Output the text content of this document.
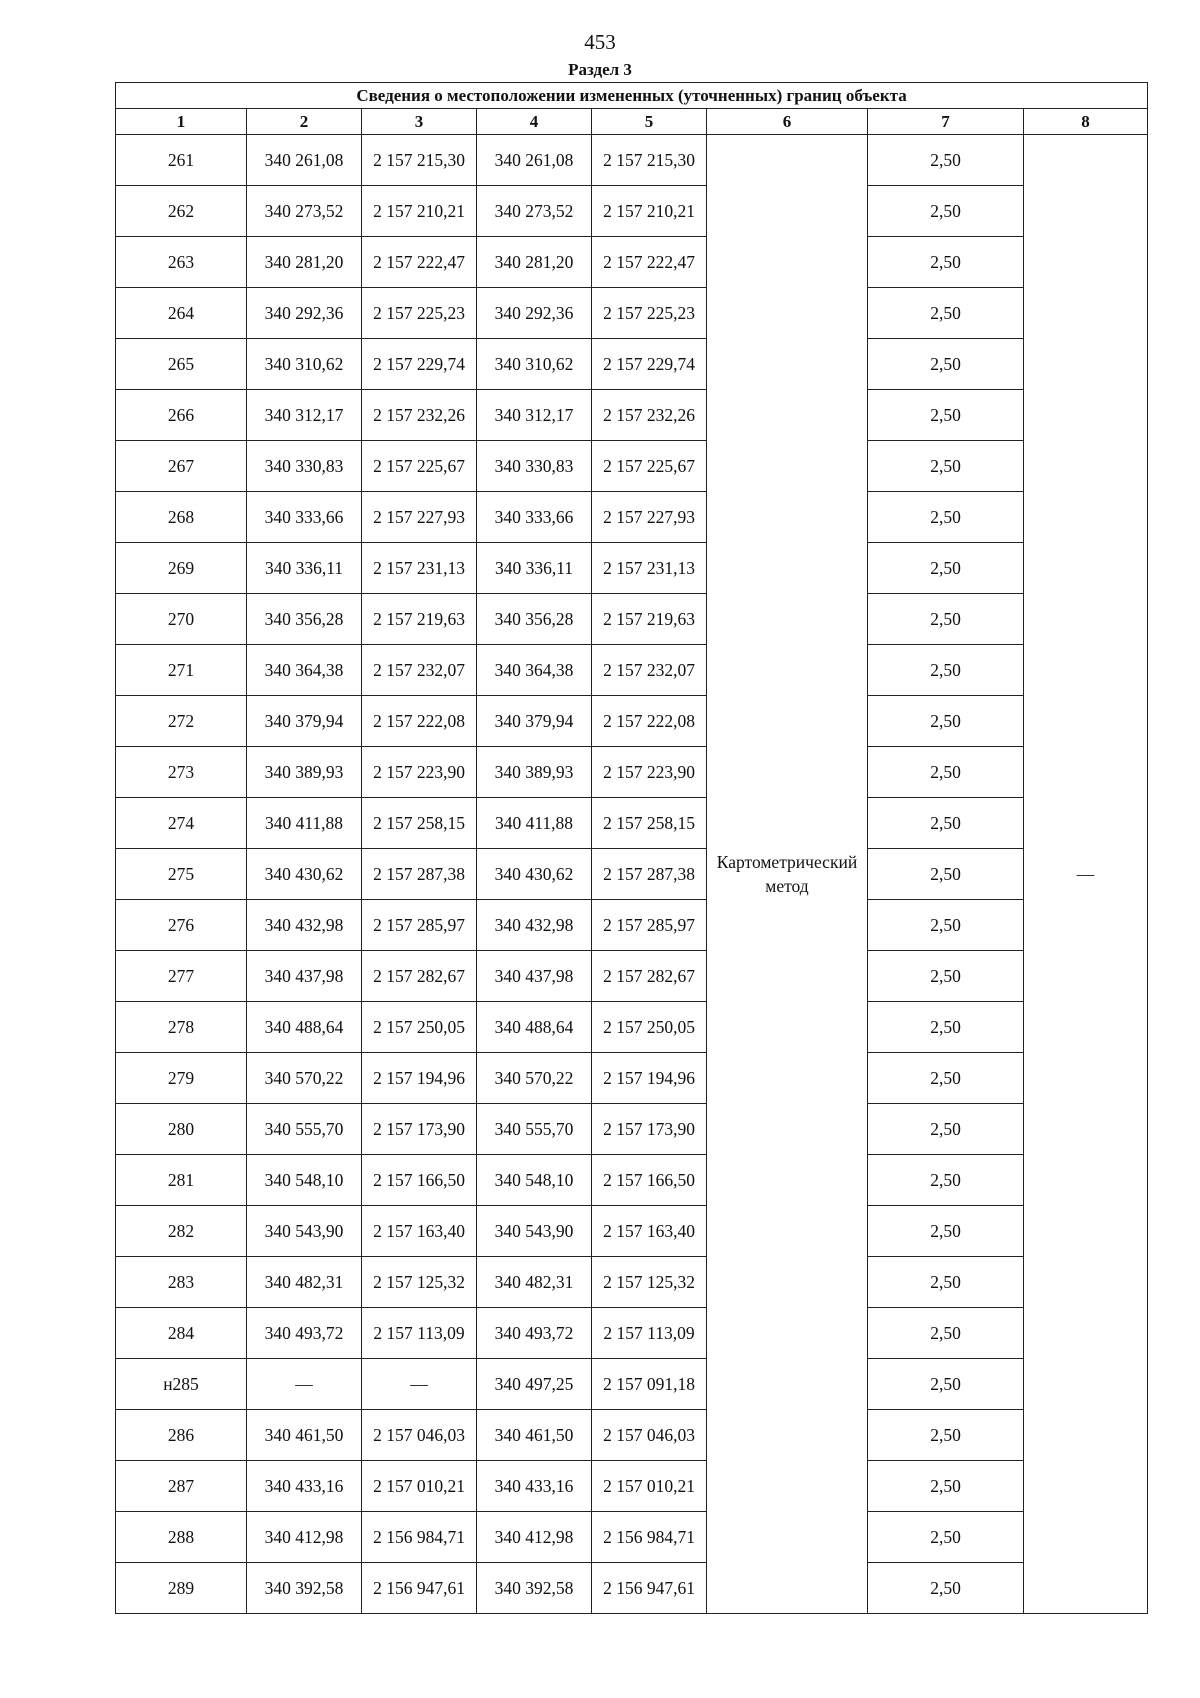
453
Раздел 3
Сведения о местоположении измененных (уточненных) границ объекта							
1	2	3	4	5	6	7	8
261	340 261,08	2 157 215,30	340 261,08	2 157 215,30	Картометрический метод	2,50	—
262	340 273,52	2 157 210,21	340 273,52	2 157 210,21		2,50	
263	340 281,20	2 157 222,47	340 281,20	2 157 222,47		2,50	
264	340 292,36	2 157 225,23	340 292,36	2 157 225,23		2,50	
265	340 310,62	2 157 229,74	340 310,62	2 157 229,74		2,50	
266	340 312,17	2 157 232,26	340 312,17	2 157 232,26		2,50	
267	340 330,83	2 157 225,67	340 330,83	2 157 225,67		2,50	
268	340 333,66	2 157 227,93	340 333,66	2 157 227,93		2,50	
269	340 336,11	2 157 231,13	340 336,11	2 157 231,13		2,50	
270	340 356,28	2 157 219,63	340 356,28	2 157 219,63		2,50	
271	340 364,38	2 157 232,07	340 364,38	2 157 232,07		2,50	
272	340 379,94	2 157 222,08	340 379,94	2 157 222,08		2,50	
273	340 389,93	2 157 223,90	340 389,93	2 157 223,90		2,50	
274	340 411,88	2 157 258,15	340 411,88	2 157 258,15		2,50	
275	340 430,62	2 157 287,38	340 430,62	2 157 287,38		2,50	
276	340 432,98	2 157 285,97	340 432,98	2 157 285,97		2,50	
277	340 437,98	2 157 282,67	340 437,98	2 157 282,67		2,50	
278	340 488,64	2 157 250,05	340 488,64	2 157 250,05		2,50	
279	340 570,22	2 157 194,96	340 570,22	2 157 194,96		2,50	
280	340 555,70	2 157 173,90	340 555,70	2 157 173,90		2,50	
281	340 548,10	2 157 166,50	340 548,10	2 157 166,50		2,50	
282	340 543,90	2 157 163,40	340 543,90	2 157 163,40		2,50	
283	340 482,31	2 157 125,32	340 482,31	2 157 125,32		2,50	
284	340 493,72	2 157 113,09	340 493,72	2 157 113,09		2,50	
н285	—	—	340 497,25	2 157 091,18		2,50	
286	340 461,50	2 157 046,03	340 461,50	2 157 046,03		2,50	
287	340 433,16	2 157 010,21	340 433,16	2 157 010,21		2,50	
288	340 412,98	2 156 984,71	340 412,98	2 156 984,71		2,50	
289	340 392,58	2 156 947,61	340 392,58	2 156 947,61		2,50	
